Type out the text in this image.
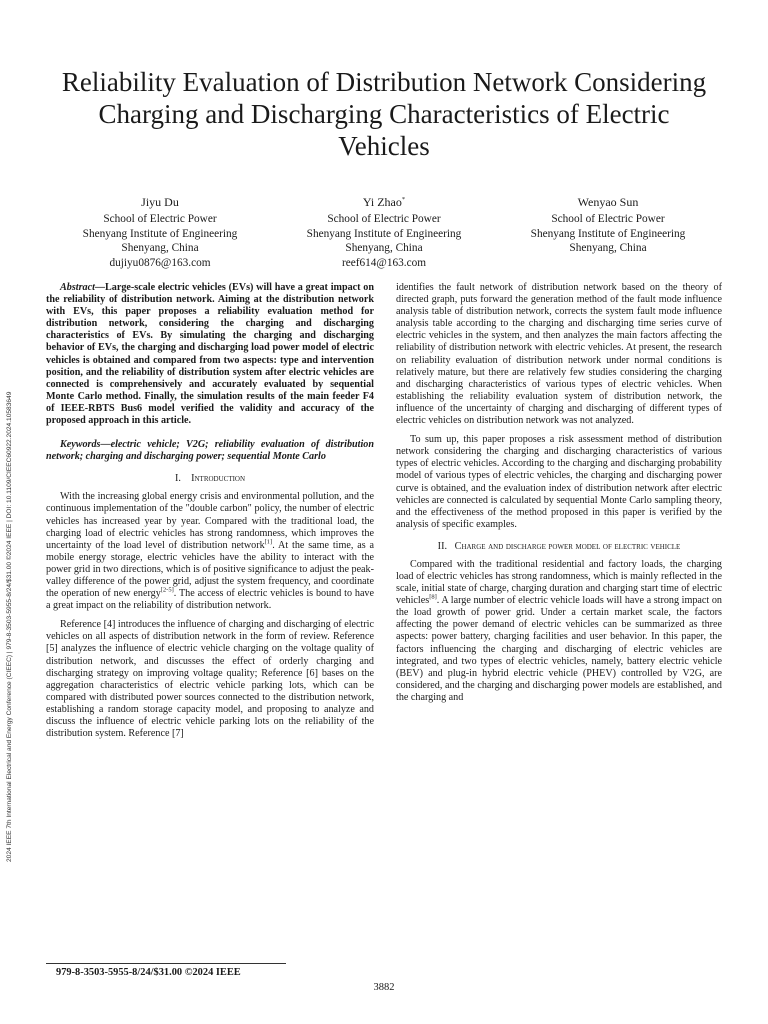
2024 IEEE 7th International Electrical and Energy Conference (CIEEC) | 979-8-3503-5955-8/24/$31.00 ©2024 IEEE | DOI: 10.1109/CIEEC60922.2024.10583649
Reliability Evaluation of Distribution Network Considering Charging and Discharging Characteristics of Electric Vehicles
Jiyu Du
School of Electric Power
Shenyang Institute of Engineering
Shenyang, China
dujiyu0876@163.com
Yi Zhao*
School of Electric Power
Shenyang Institute of Engineering
Shenyang, China
reef614@163.com
Wenyao Sun
School of Electric Power
Shenyang Institute of Engineering
Shenyang, China

Abstract—Large-scale electric vehicles (EVs) will have a great impact on the reliability of distribution network. Aiming at the distribution network with EVs, this paper proposes a reliability evaluation method for distribution network, considering the charging and discharging characteristics of EVs. By simulating the charging and discharging behavior of EVs, the charging and discharging load power model of electric vehicles is obtained and compared from two aspects: type and intervention position, and the reliability of distribution system after electric vehicles are connected is comprehensively and accurately evaluated by sequential Monte Carlo method. Finally, the simulation results of the main feeder F4 of IEEE-RBTS Bus6 model verified the validity and accuracy of the proposed approach in this article.

Keywords—electric vehicle; V2G; reliability evaluation of distribution network; charging and discharging power; sequential Monte Carlo

I. Introduction

With the increasing global energy crisis and environmental pollution, and the continuous implementation of the "double carbon" policy, the number of electric vehicles has increased year by year. Compared with the traditional load, the charging load of electric vehicles has strong randomness, which improves the uncertainty of the load level of distribution network[1]. At the same time, as a mobile energy storage, electric vehicles have the ability to interact with the power grid in two directions, which is of positive significance to adjust the peak-valley difference of the power grid, adjust the system frequency, and coordinate the operation of new energy[2-5]. The access of electric vehicles is bound to have a great impact on the reliability of distribution network.

Reference [4] introduces the influence of charging and discharging of electric vehicles on all aspects of distribution network in the form of review. Reference [5] analyzes the influence of electric vehicle charging on the voltage quality of distribution network, and discusses the effect of orderly charging and discharging strategy on improving voltage quality; Reference [6] bases on the aggregation characteristics of electric vehicle parking lots, which can be compared with distributed power sources connected to the distribution network, establishing a random storage capacity model, and proposing to analyze and discuss the influence of electric vehicle parking lots on the reliability of the distribution system. Reference [7]

identifies the fault network of distribution network based on the theory of directed graph, puts forward the generation method of the fault mode influence analysis table of distribution network, corrects the system fault mode influence analysis table according to the charging and discharging time series curve of electric vehicles in the system, and then analyzes the main factors affecting the reliability of distribution network with electric vehicles. At present, the research on reliability evaluation of distribution network under normal conditions is relatively mature, but there are relatively few studies considering the charging and discharging characteristics of various types of electric vehicles. When establishing the reliability evaluation system of distribution network, the influence of the uncertainty of charging and discharging of different types of electric vehicles on distribution network was not analyzed.

To sum up, this paper proposes a risk assessment method of distribution network considering the charging and discharging characteristics of various types of electric vehicles. According to the charging and discharging probability model of various types of electric vehicles, the charging and discharging power curve is obtained, and the evaluation index of distribution network after electric vehicles are connected is calculated by sequential Monte Carlo sampling theory, and the effectiveness of the method proposed in this paper is verified by the analysis of specific examples.

II. Charge and discharge power model of electric vehicle

Compared with the traditional residential and factory loads, the charging load of electric vehicles has strong randomness, which is mainly reflected in the scale, initial state of charge, charging duration and charging start time of electric vehicles[8]. A large number of electric vehicle loads will have a strong impact on the load growth of power grid. Under a certain market scale, the factors affecting the power demand of electric vehicles can be summarized as three aspects: power battery, charging facilities and user behavior. In this paper, the factors influencing the charging and discharging of electric vehicles are integrated, and two types of electric vehicles, namely, battery electric vehicle (BEV) and plug-in hybrid electric vehicle (PHEV) controlled by V2G, are considered, and the charging and discharging power models are established, and the charging and

979-8-3503-5955-8/24/$31.00 ©2024 IEEE
3882
